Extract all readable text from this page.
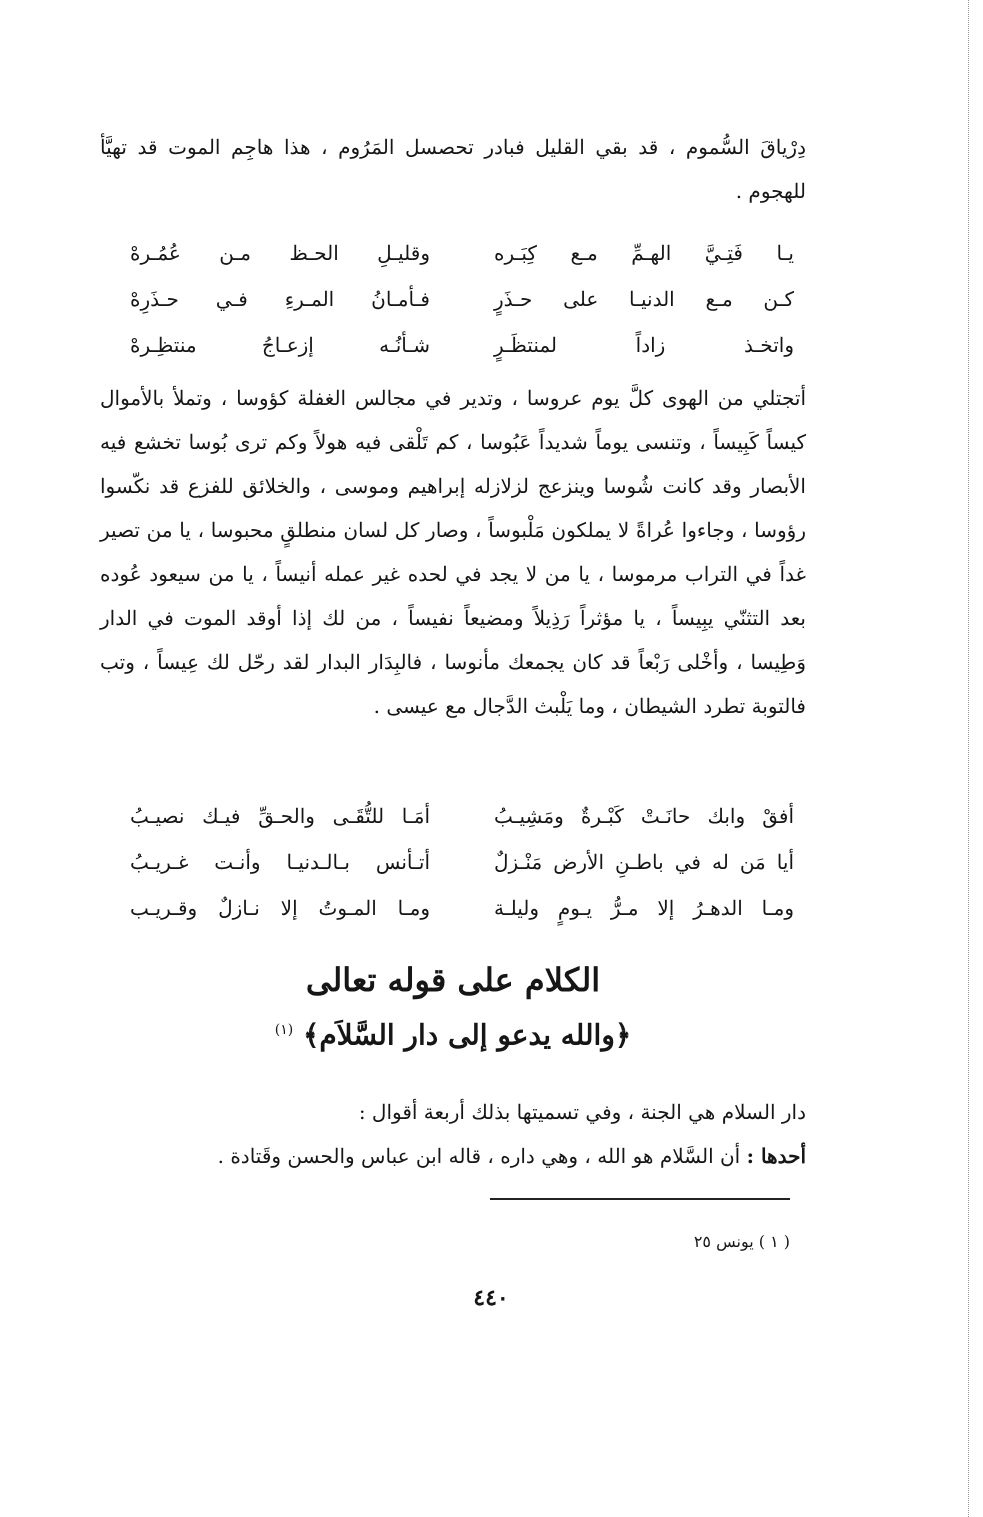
دِرْياقَ السُّموم ، قد بقي القليل فبادر تحصسل المَرُوم ، هذا هاجِم الموت قد تهيَّأ للهجوم .

يـا فَتِـيَّ الهـمِّ مـع كِبَـره
وقليـلِ الحـظ مـن عُمُـرهْ
كـن مـع الدنيـا على حـذَرٍ
فـأمـانُ المـرءِ فـي حـذَرِهْ
واتخـذ زاداً لمنتظَـرٍ
شـأنُـه إزعـاجُ منتظِـرهْ

أتجتلي من الهوى كلَّ يوم عروسا ، وتدير في مجالس الغفلة كؤوسا ، وتملأ بالأموال كيساً كَبِيساً ، وتنسى يوماً شديداً عَبُوسا ، كم تَلْقى فيه هولاً وكم ترى بُوسا تخشع فيه الأبصار وقد كانت شُوسا وينزعج لزلازله إبراهيم وموسى ، والخلائق للفزع قد نكّسوا رؤوسا ، وجاءوا عُراةً لا يملكون مَلْبوساً ، وصار كل لسان منطلقٍ محبوسا ، يا من تصير غداً في التراب مرموسا ، يا من لا يجد في لحده غير عمله أنيساً ، يا من سيعود عُوده بعد التثنّي يبِيساً ، يا مؤثراً رَذِيلاً ومضيعاً نفيساً ، من لك إذا أوقد الموت في الدار وَطِيسا ، وأخْلى رَبْعاً قد كان يجمعك مأنوسا ، فالبِدَار البدار لقد رحّل لك عِيساً ، وتب فالتوبة تطرد الشيطان ، وما يَلْبث الدَّجال مع عيسى .

أفقْ وابك حانَـتْ كَبْـرةٌ ومَشِيـبُ
أمَـا للتُّقَـى والحـقِّ فيـك نصيـبُ
أيا مَن له في باطـنِ الأرض مَنْـزلٌ
أتـأنس بـالـدنيـا وأنـت غـريـبُ
ومـا الدهـرُ إلا مـرُّ يـومٍ وليلـة
ومـا المـوتُ إلا نـازلٌ وقـريـب
الكلام على قوله تعالى
﴿والله يدعو إلى دار السَّلاَم﴾ $^{(١)}$

دار السلام هي الجنة ، وفي تسميتها بذلك أربعة أقوال :

أحدها : أن السَّلام هو الله ، وهي داره ، قاله ابن عباس والحسن وقَتادة .

( ١ ) يونس ٢٥
٤٤٠
